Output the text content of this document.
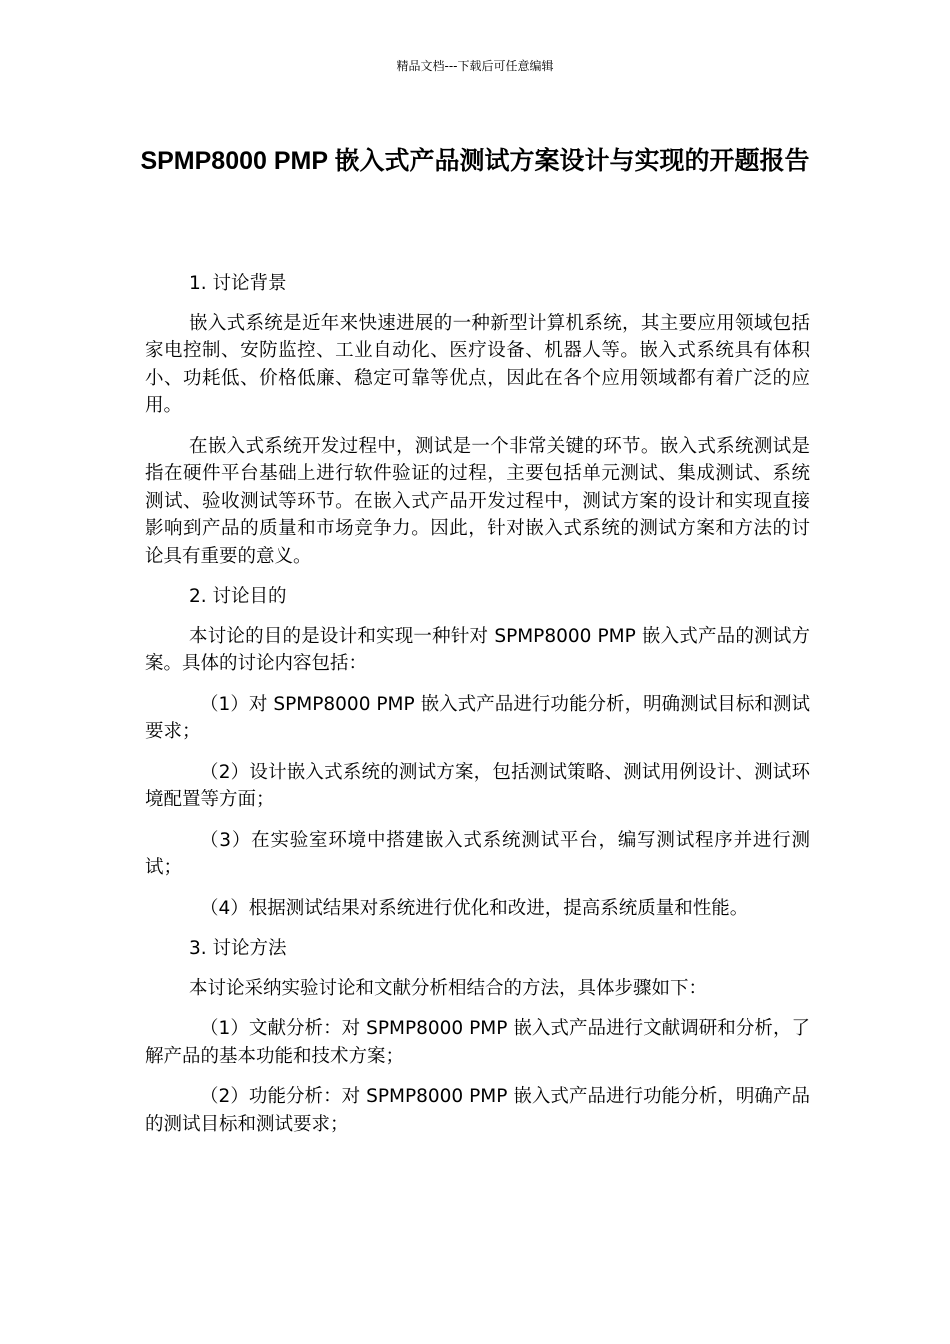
精品文档---下载后可任意编辑
SPMP8000 PMP 嵌入式产品测试方案设计与实现的开题报告

1. 讨论背景

嵌入式系统是近年来快速进展的一种新型计算机系统，其主要应用领域包括家电控制、安防监控、工业自动化、医疗设备、机器人等。嵌入式系统具有体积小、功耗低、价格低廉、稳定可靠等优点，因此在各个应用领域都有着广泛的应用。

在嵌入式系统开发过程中，测试是一个非常关键的环节。嵌入式系统测试是指在硬件平台基础上进行软件验证的过程，主要包括单元测试、集成测试、系统测试、验收测试等环节。在嵌入式产品开发过程中，测试方案的设计和实现直接影响到产品的质量和市场竞争力。因此，针对嵌入式系统的测试方案和方法的讨论具有重要的意义。

2. 讨论目的

本讨论的目的是设计和实现一种针对 SPMP8000 PMP 嵌入式产品的测试方案。具体的讨论内容包括：

（1）对 SPMP8000 PMP 嵌入式产品进行功能分析，明确测试目标和测试要求；

（2）设计嵌入式系统的测试方案，包括测试策略、测试用例设计、测试环境配置等方面；

（3）在实验室环境中搭建嵌入式系统测试平台，编写测试程序并进行测试；

（4）根据测试结果对系统进行优化和改进，提高系统质量和性能。

3. 讨论方法

本讨论采纳实验讨论和文献分析相结合的方法，具体步骤如下：

（1）文献分析：对 SPMP8000 PMP 嵌入式产品进行文献调研和分析，了解产品的基本功能和技术方案；

（2）功能分析：对 SPMP8000 PMP 嵌入式产品进行功能分析，明确产品的测试目标和测试要求；
